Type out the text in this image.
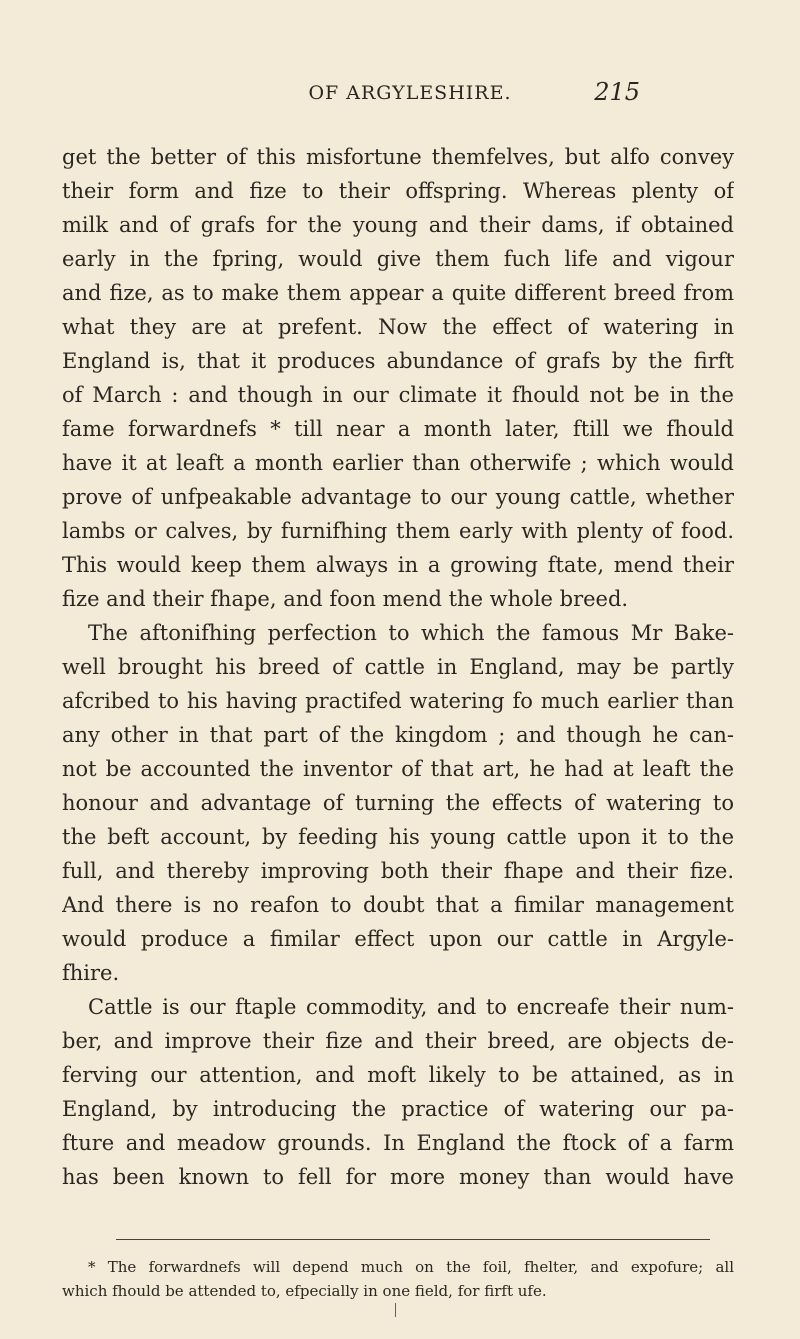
OF ARGYLESHIRE.	215
get the better of this misfortune themfelves, but alfo convey
their form and fize to their offspring. Whereas plenty of
milk and of grafs for the young and their dams, if obtained
early in the fpring, would give them fuch life and vigour
and fize, as to make them appear a quite different breed from
what they are at prefent. Now the effect of watering in
England is, that it produces abundance of grafs by the firft
of March : and though in our climate it fhould not be in the
fame forwardnefs * till near a month later, ftill we fhould
have it at leaft a month earlier than otherwife ; which would
prove of unfpeakable advantage to our young cattle, whether
lambs or calves, by furnifhing them early with plenty of food.
This would keep them always in a growing ftate, mend their
fize and their fhape, and foon mend the whole breed.
The aftonifhing perfection to which the famous Mr Bake-
well brought his breed of cattle in England, may be partly
afcribed to his having practifed watering fo much earlier than
any other in that part of the kingdom ; and though he can-
not be accounted the inventor of that art, he had at leaft the
honour and advantage of turning the effects of watering to
the beft account, by feeding his young cattle upon it to the
full, and thereby improving both their fhape and their fize.
And there is no reafon to doubt that a fimilar management
would produce a fimilar effect upon our cattle in Argyle-
fhire.
Cattle is our ftaple commodity, and to encreafe their num-
ber, and improve their fize and their breed, are objects de-
ferving our attention, and moft likely to be attained, as in
England, by introducing the practice of watering our pa-
fture and meadow grounds. In England the ftock of a farm
has been known to fell for more money than would have
* The forwardnefs will depend much on the foil, fhelter, and expofure; all
which fhould be attended to, efpecially in one field, for firft ufe.
